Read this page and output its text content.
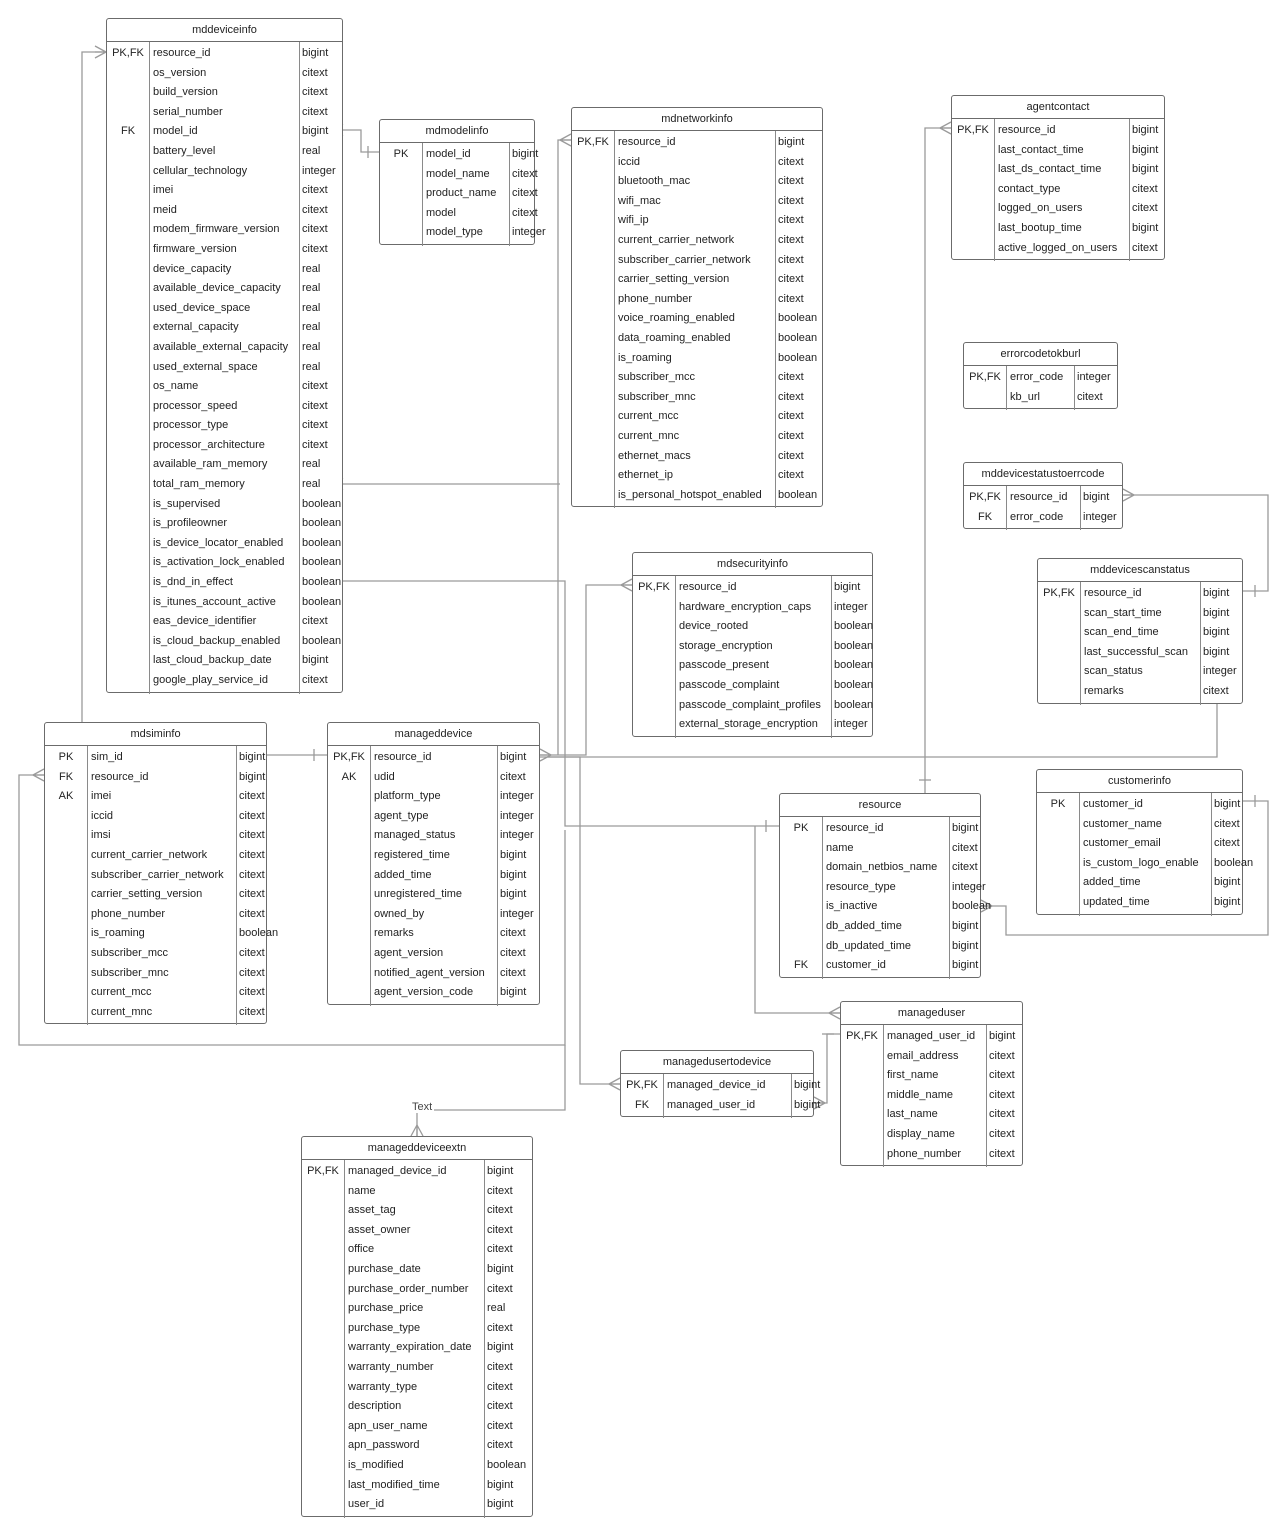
Text
mddeviceinfo
PK,FK resource_id	bigint
os_version	citext
build_version	citext
serial_number	citext
FK	model_id	bigint
battery_level	real
cellular_technology	integer
imei	citext
meid	citext
modem_firmware_version	citext
firmware_version	citext
device_capacity	real
available_device_capacity	real
used_device_space	real
external_capacity	real
available_external_capacity	real
used_external_space	real
os_name	citext
processor_speed	citext
processor_type	citext
processor_architecture	citext
available_ram_memory	real
total_ram_memory	real
is_supervised	boolean
is_profileowner	boolean
is_device_locator_enabled	boolean
is_activation_lock_enabled	boolean
is_dnd_in_effect	boolean
is_itunes_account_active	boolean
eas_device_identifier	citext
is_cloud_backup_enabled	boolean
last_cloud_backup_date	bigint
google_play_service_id	citext
mdmodelinfo
PK	model_id	bigint
model_name	citext
product_name	citext
model	citext
model_type	integer
mdnetworkinfo
PK,FK resource_id	bigint
iccid	citext
bluetooth_mac	citext
wifi_mac	citext
wifi_ip	citext
current_carrier_network	citext
subscriber_carrier_network	citext
carrier_setting_version	citext
phone_number	citext
voice_roaming_enabled	boolean
data_roaming_enabled	boolean
is_roaming	boolean
subscriber_mcc	citext
subscriber_mnc	citext
current_mcc	citext
current_mnc	citext
ethernet_macs	citext
ethernet_ip	citext
is_personal_hotspot_enabled	boolean
agentcontact
PK,FK resource_id	bigint
last_contact_time	bigint
last_ds_contact_time	bigint
contact_type	citext
logged_on_users	citext
last_bootup_time	bigint
active_logged_on_users	citext
errorcodetokburl
PK,FK error_code	integer
kb_url	citext
mddevicestatustoerrcode
PK,FK resource_id	bigint
FK	error_code	integer
mddevicescanstatus
PK,FK resource_id	bigint
scan_start_time	bigint
scan_end_time	bigint
last_successful_scan	bigint
scan_status	integer
remarks	citext
mdsecurityinfo
PK,FK resource_id	bigint
hardware_encryption_caps	integer
device_rooted	boolean
storage_encryption	boolean
passcode_present	boolean
passcode_complaint	boolean
passcode_complaint_profiles	boolean
external_storage_encryption	integer
mdsiminfo
PK	sim_id	bigint
FK	resource_id	bigint
AK	imei	citext
iccid	citext
imsi	citext
current_carrier_network	citext
subscriber_carrier_network	citext
carrier_setting_version	citext
phone_number	citext
is_roaming	boolean
subscriber_mcc	citext
subscriber_mnc	citext
current_mcc	citext
current_mnc	citext
manageddevice
PK,FK resource_id	bigint
AK	udid	citext
platform_type	integer
agent_type	integer
managed_status	integer
registered_time	bigint
added_time	bigint
unregistered_time	bigint
owned_by	integer
remarks	citext
agent_version	citext
notified_agent_version	citext
agent_version_code	bigint
customerinfo
PK	customer_id	bigint
customer_name	citext
customer_email	citext
is_custom_logo_enable	boolean
added_time	bigint
updated_time	bigint
resource
PK	resource_id	bigint
name	citext
domain_netbios_name	citext
resource_type	integer
is_inactive	boolean
db_added_time	bigint
db_updated_time	bigint
FK	customer_id	bigint
manageduser
PK,FK managed_user_id	bigint
email_address	citext
first_name	citext
middle_name	citext
last_name	citext
display_name	citext
phone_number	citext
managedusertodevice
PK,FK managed_device_id	bigint
FK	managed_user_id	bigint
manageddeviceextn
PK,FK managed_device_id	bigint
name	citext
asset_tag	citext
asset_owner	citext
office	citext
purchase_date	bigint
purchase_order_number	citext
purchase_price	real
purchase_type	citext
warranty_expiration_date	bigint
warranty_number	citext
warranty_type	citext
description	citext
apn_user_name	citext
apn_password	citext
is_modified	boolean
last_modified_time	bigint
user_id	bigint
